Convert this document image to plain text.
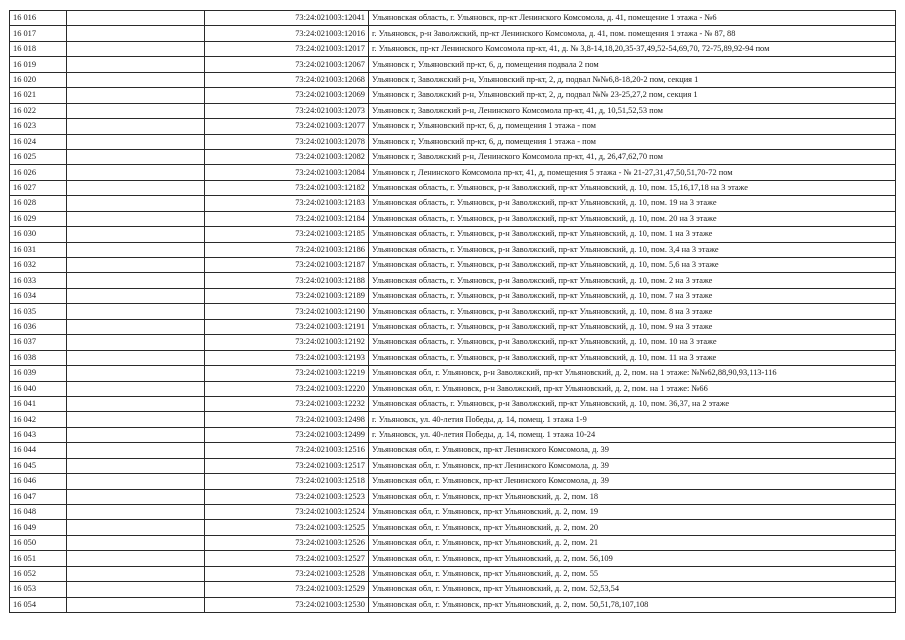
16 016		73:24:021003:12041	Ульяновская область, г. Ульяновск, пр-кт Ленинского Комсомола, д. 41, помещение 1 этажа - №6
16 017		73:24:021003:12016	г. Ульяновск, р-н Заволжский, пр-кт Ленинского Комсомола, д. 41, пом. помещения 1 этажа - № 87, 88
16 018		73:24:021003:12017	г. Ульяновск, пр-кт Ленинского Комсомола пр-кт, 41, д. № 3,8-14,18,20,35-37,49,52-54,69,70, 72-75,89,92-94 пом
16 019		73:24:021003:12067	Ульяновск г, Ульяновский пр-кт, 6, д, помещения подвала 2 пом
16 020		73:24:021003:12068	Ульяновск г, Заволжский р-н, Ульяновский пр-кт, 2, д, подвал №№6,8-18,20-2 пом, секция 1
16 021		73:24:021003:12069	Ульяновск г, Заволжский р-н, Ульяновский пр-кт, 2, д, подвал №№ 23-25,27,2 пом, секция 1
16 022		73:24:021003:12073	Ульяновск г, Заволжский р-н, Ленинского Комсомола пр-кт, 41, д, 10,51,52,53 пом
16 023		73:24:021003:12077	Ульяновск г, Ульяновский пр-кт, 6, д, помещения 1 этажа - пом
16 024		73:24:021003:12078	Ульяновск г, Ульяновский пр-кт, 6, д, помещения 1 этажа - пом
16 025		73:24:021003:12082	Ульяновск г, Заволжский р-н, Ленинского Комсомола пр-кт, 41, д, 26,47,62,70 пом
16 026		73:24:021003:12084	Ульяновск г, Ленинского Комсомола пр-кт, 41, д, помещения 5 этажа - № 21-27,31,47,50,51,70-72 пом
16 027		73:24:021003:12182	Ульяновская область, г. Ульяновск, р-н Заволжский, пр-кт Ульяновский, д. 10, пом. 15,16,17,18 на 3 этаже
16 028		73:24:021003:12183	Ульяновская область, г. Ульяновск, р-н Заволжский, пр-кт Ульяновский, д. 10, пом. 19 на 3 этаже
16 029		73:24:021003:12184	Ульяновская область, г. Ульяновск, р-н Заволжский, пр-кт Ульяновский, д. 10, пом. 20 на 3 этаже
16 030		73:24:021003:12185	Ульяновская область, г. Ульяновск, р-н Заволжский, пр-кт Ульяновский, д. 10, пом. 1 на 3 этаже
16 031		73:24:021003:12186	Ульяновская область, г. Ульяновск, р-н Заволжский, пр-кт Ульяновский, д. 10, пом. 3,4 на 3 этаже
16 032		73:24:021003:12187	Ульяновская область, г. Ульяновск, р-н Заволжский, пр-кт Ульяновский, д. 10, пом. 5,6 на 3 этаже
16 033		73:24:021003:12188	Ульяновская область, г. Ульяновск, р-н Заволжский, пр-кт Ульяновский, д. 10, пом. 2 на 3 этаже
16 034		73:24:021003:12189	Ульяновская область, г. Ульяновск, р-н Заволжский, пр-кт Ульяновский, д. 10, пом. 7 на 3 этаже
16 035		73:24:021003:12190	Ульяновская область, г. Ульяновск, р-н Заволжский, пр-кт Ульяновский, д. 10, пом. 8 на 3 этаже
16 036		73:24:021003:12191	Ульяновская область, г. Ульяновск, р-н Заволжский, пр-кт Ульяновский, д. 10, пом. 9 на 3 этаже
16 037		73:24:021003:12192	Ульяновская область, г. Ульяновск, р-н Заволжский, пр-кт Ульяновский, д. 10, пом. 10 на 3 этаже
16 038		73:24:021003:12193	Ульяновская область, г. Ульяновск, р-н Заволжский, пр-кт Ульяновский, д. 10, пом. 11 на 3 этаже
16 039		73:24:021003:12219	Ульяновская обл, г. Ульяновск, р-н Заволжский, пр-кт Ульяновский, д. 2, пом. на 1 этаже: №№62,88,90,93,113-116
16 040		73:24:021003:12220	Ульяновская обл, г. Ульяновск, р-н Заволжский, пр-кт Ульяновский, д. 2, пом. на 1 этаже: №66
16 041		73:24:021003:12232	Ульяновская область, г. Ульяновск, р-н Заволжский, пр-кт Ульяновский, д. 10, пом. 36,37, на 2 этаже
16 042		73:24:021003:12498	г. Ульяновск, ул. 40-летия Победы, д. 14, помещ. 1 этажа 1-9
16 043		73:24:021003:12499	г. Ульяновск, ул. 40-летия Победы, д. 14, помещ. 1 этажа 10-24
16 044		73:24:021003:12516	Ульяновская обл, г. Ульяновск, пр-кт Ленинского Комсомола, д. 39
16 045		73:24:021003:12517	Ульяновская обл, г. Ульяновск, пр-кт Ленинского Комсомола, д. 39
16 046		73:24:021003:12518	Ульяновская обл, г. Ульяновск, пр-кт Ленинского Комсомола, д. 39
16 047		73:24:021003:12523	Ульяновская обл, г. Ульяновск, пр-кт Ульяновский, д. 2, пом. 18
16 048		73:24:021003:12524	Ульяновская обл, г. Ульяновск, пр-кт Ульяновский, д. 2, пом. 19
16 049		73:24:021003:12525	Ульяновская обл, г. Ульяновск, пр-кт Ульяновский, д. 2, пом. 20
16 050		73:24:021003:12526	Ульяновская обл, г. Ульяновск, пр-кт Ульяновский, д. 2, пом. 21
16 051		73:24:021003:12527	Ульяновская обл, г. Ульяновск, пр-кт Ульяновский, д. 2, пом. 56,109
16 052		73:24:021003:12528	Ульяновская обл, г. Ульяновск, пр-кт Ульяновский, д. 2, пом. 55
16 053		73:24:021003:12529	Ульяновская обл, г. Ульяновск, пр-кт Ульяновский, д. 2, пом. 52,53,54
16 054		73:24:021003:12530	Ульяновская обл, г. Ульяновск, пр-кт Ульяновский, д. 2, пом. 50,51,78,107,108
